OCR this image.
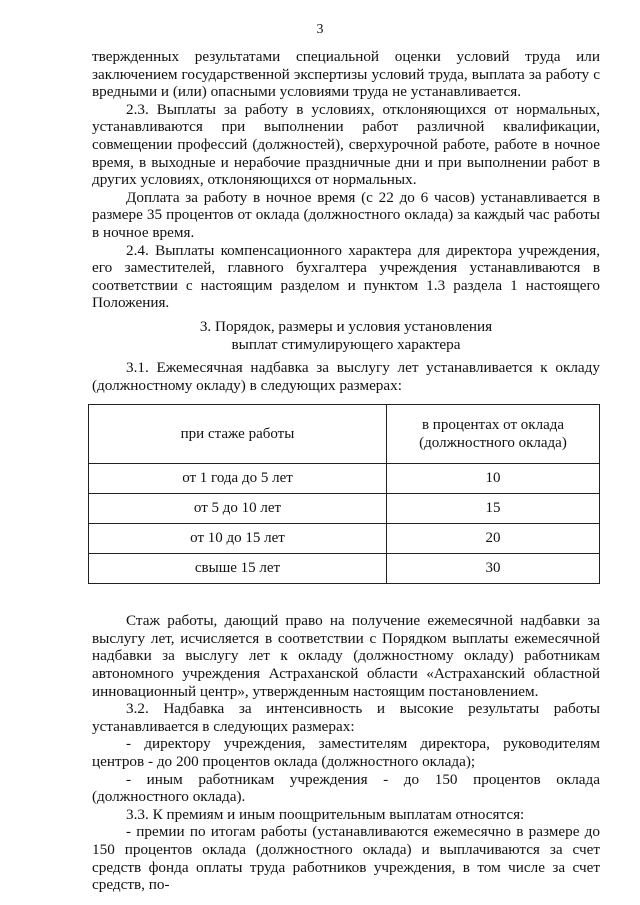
3

твержденных результатами специальной оценки условий труда или заключением государственной экспертизы условий труда, выплата за работу с вредными и (или) опасными условиями труда не устанавливается.

2.3. Выплаты за работу в условиях, отклоняющихся от нормальных, устанавливаются при выполнении работ различной квалификации, совмещении профессий (должностей), сверхурочной работе, работе в ночное время, в выходные и нерабочие праздничные дни и при выполнении работ в других условиях, отклоняющихся от нормальных.

Доплата за работу в ночное время (с 22 до 6 часов) устанавливается в размере 35 процентов от оклада (должностного оклада) за каждый час работы в ночное время.

2.4. Выплаты компенсационного характера для директора учреждения, его заместителей, главного бухгалтера учреждения устанавливаются в соответствии с настоящим разделом и пунктом 1.3 раздела 1 настоящего Положения.

3. Порядок, размеры и условия установления
выплат стимулирующего характера

3.1. Ежемесячная надбавка за выслугу лет устанавливается к окладу (должностному окладу) в следующих размерах:

при стаже работы	в процентах от оклада
(должностного оклада)

от 1 года до 5 лет	10
от 5 до 10 лет	15
от 10 до 15 лет	20
свыше 15 лет	30

Стаж работы, дающий право на получение ежемесячной надбавки за выслугу лет, исчисляется в соответствии с Порядком выплаты ежемесячной надбавки за выслугу лет к окладу (должностному окладу) работникам автономного учреждения Астраханской области «Астраханский областной инновационный центр», утвержденным настоящим постановлением.

3.2. Надбавка за интенсивность и высокие результаты работы устанавливается в следующих размерах:

- директору учреждения, заместителям директора, руководителям центров - до 200 процентов оклада (должностного оклада);

- иным работникам учреждения - до 150 процентов оклада (должностного оклада).

3.3. К премиям и иным поощрительным выплатам относятся:

- премии по итогам работы (устанавливаются ежемесячно в размере до 150 процентов оклада (должностного оклада) и выплачиваются за счет средств фонда оплаты труда работников учреждения, в том числе за счет средств, по-
